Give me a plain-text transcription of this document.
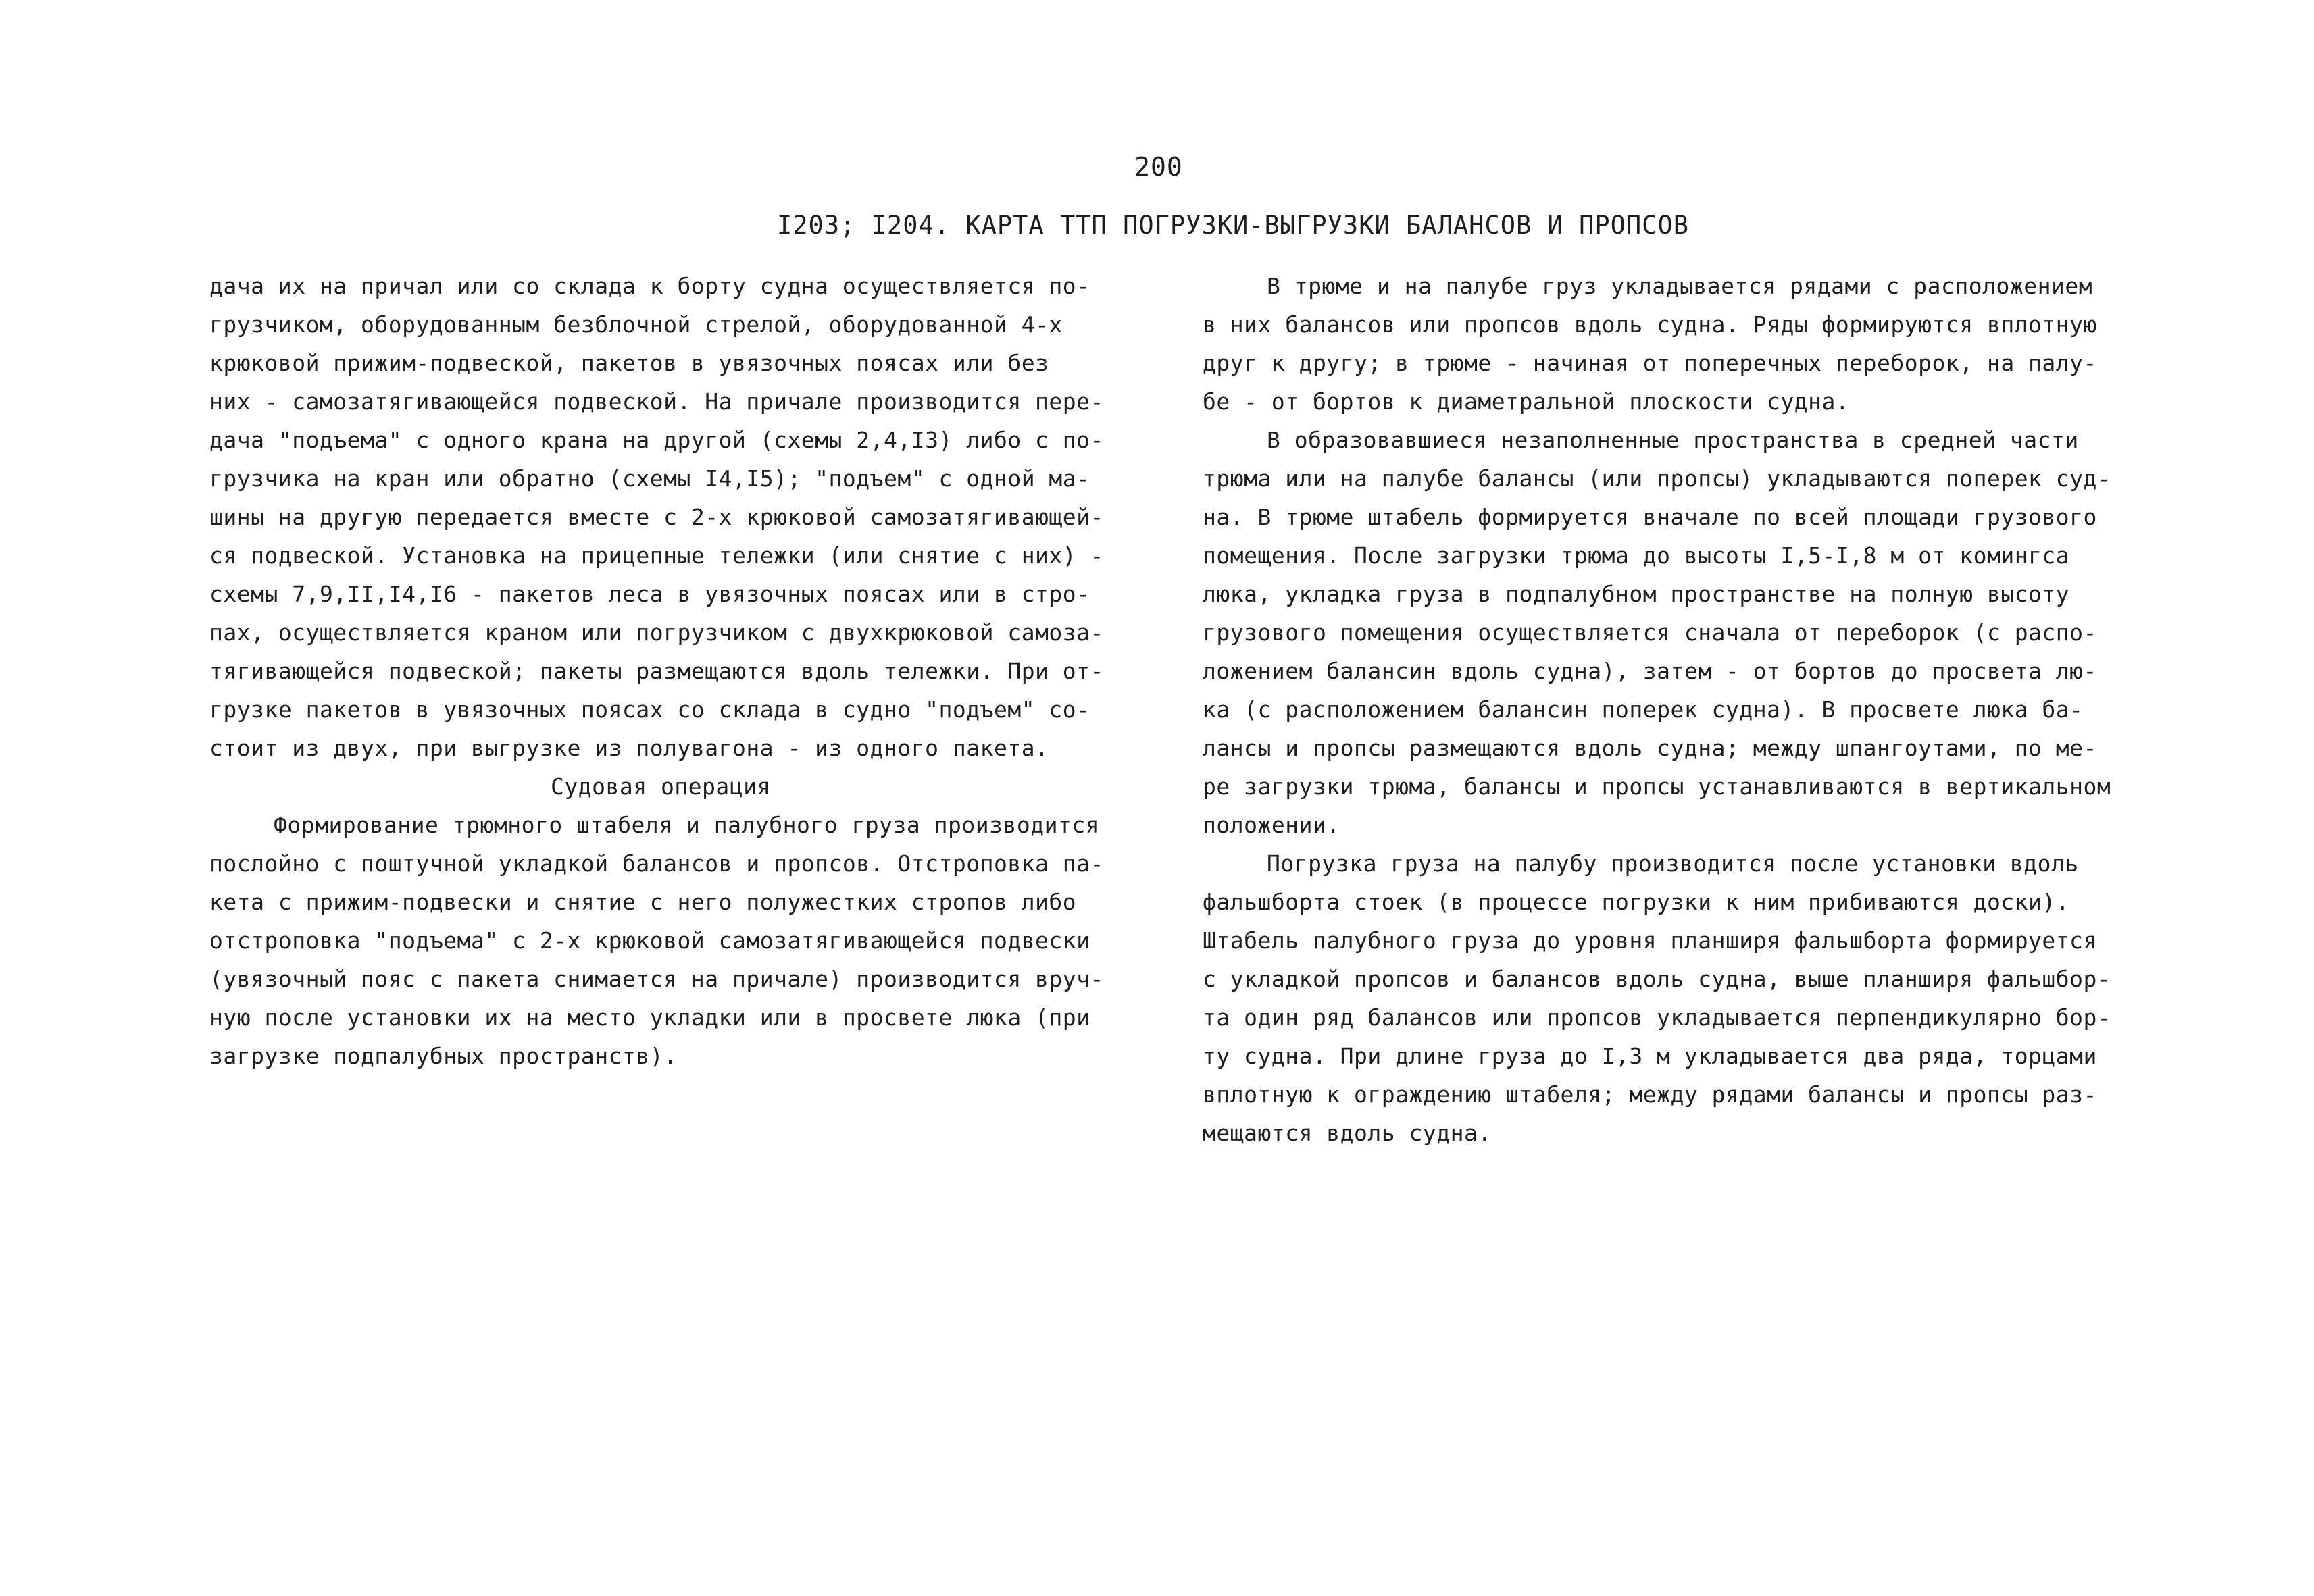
200
I203; I204. КАРТА ТТП ПОГРУЗКИ-ВЫГРУЗКИ БАЛАНСОВ И ПРОПСОВ
дача их на причал или со склада к борту судна осуществляется по-
грузчиком, оборудованным безблочной стрелой, оборудованной 4-х
крюковой прижим-подвеской, пакетов в увязочных поясах или без
них - самозатягивающейся подвеской. На причале производится пере-
дача "подъема" с одного крана на другой (схемы 2,4,I3) либо с по-
грузчика на кран или обратно (схемы I4,I5); "подъем" с одной ма-
шины на другую передается вместе с 2-х крюковой самозатягивающей-
ся подвеской. Установка на прицепные тележки (или снятие с них) -
схемы 7,9,II,I4,I6 - пакетов леса в увязочных поясах или в стро-
пах, осуществляется краном или погрузчиком с двухкрюковой самоза-
тягивающейся подвеской; пакеты размещаются вдоль тележки. При от-
грузке пакетов в увязочных поясах со склада в судно "подъем" со-
стоит из двух, при выгрузке из полувагона - из одного пакета.
Судовая операция
Формирование трюмного штабеля и палубного груза производится
послойно с поштучной укладкой балансов и пропсов. Отстроповка па-
кета с прижим-подвески и снятие с него полужестких стропов либо
отстроповка "подъема" с 2-х крюковой самозатягивающейся подвески
(увязочный пояс с пакета снимается на причале) производится вруч-
ную после установки их на место укладки или в просвете люка (при
загрузке подпалубных пространств).
В трюме и на палубе груз укладывается рядами с расположением
в них балансов или пропсов вдоль судна. Ряды формируются вплотную
друг к другу; в трюме - начиная от поперечных переборок, на палу-
бе - от бортов к диаметральной плоскости судна.
В образовавшиеся незаполненные пространства в средней части
трюма или на палубе балансы (или пропсы) укладываются поперек суд-
на. В трюме штабель формируется вначале по всей площади грузового
помещения. После загрузки трюма до высоты I,5-I,8 м от комингса
люка, укладка груза в подпалубном пространстве на полную высоту
грузового помещения осуществляется сначала от переборок (с распо-
ложением балансин вдоль судна), затем - от бортов до просвета лю-
ка (с расположением балансин поперек судна). В просвете люка ба-
лансы и пропсы размещаются вдоль судна; между шпангоутами, по ме-
ре загрузки трюма, балансы и пропсы устанавливаются в вертикальном
положении.
Погрузка груза на палубу производится после установки вдоль
фальшборта стоек (в процессе погрузки к ним прибиваются доски).
Штабель палубного груза до уровня планширя фальшборта формируется
с укладкой пропсов и балансов вдоль судна, выше планширя фальшбор-
та один ряд балансов или пропсов укладывается перпендикулярно бор-
ту судна. При длине груза до I,3 м укладывается два ряда, торцами
вплотную к ограждению штабеля; между рядами балансы и пропсы раз-
мещаются вдоль судна.
